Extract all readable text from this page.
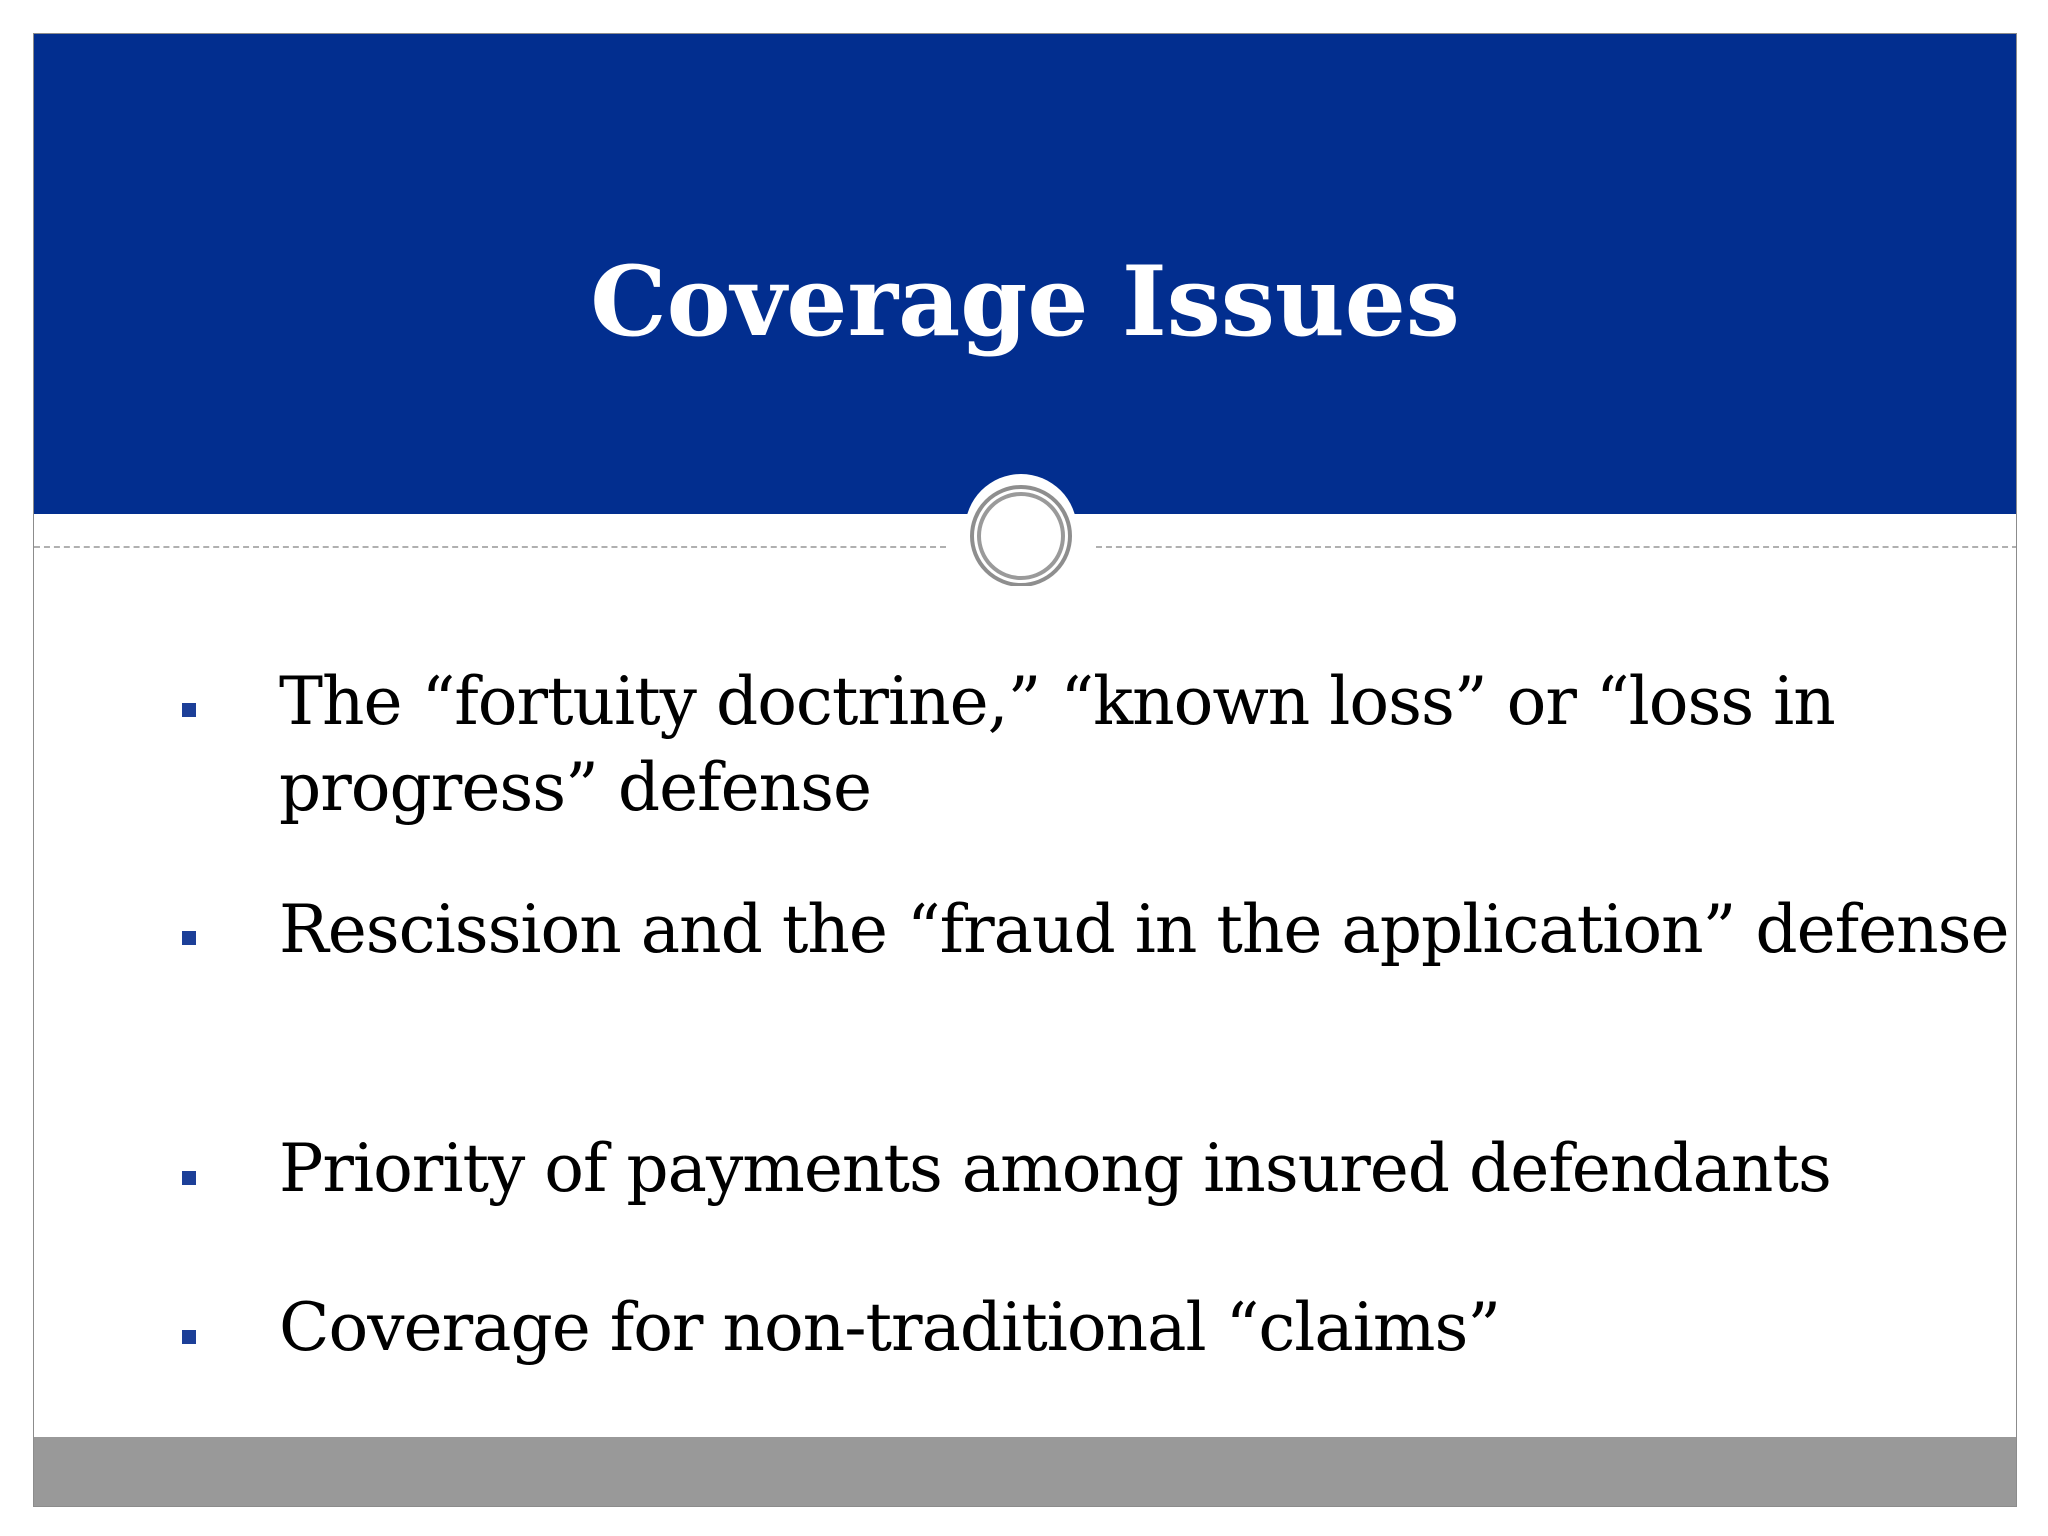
Coverage Issues
The “fortuity doctrine,” “known loss” or “loss in progress” defense
Rescission and the “fraud in the application” defense
Priority of payments among insured defendants
Coverage for non-traditional “claims”
